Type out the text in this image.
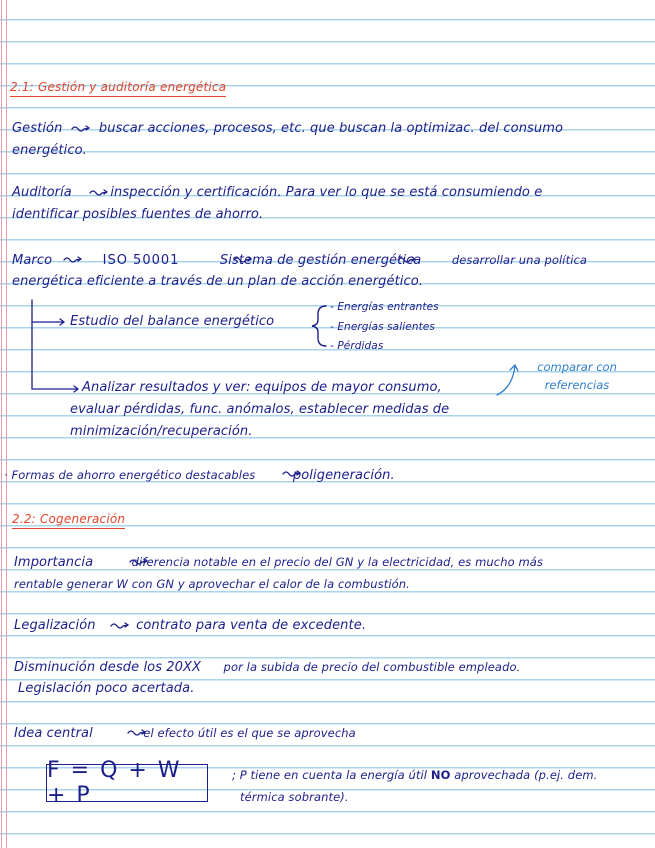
2.1: Gestión y auditoría energética
Gestión	buscar acciones, procesos, etc. que buscan la optimizac. del consumo
energético.
Auditoría	inspección y certificación. Para ver lo que se está consumiendo e
identificar posibles fuentes de ahorro.
Marco	ISO 50001	Sistema de gestión energética	desarrollar una política
energética eficiente a través de un plan de acción energético.
Estudio del balance energético
- Energías entrantes
- Energías salientes
- Pérdidas
Analizar resultados y ver: equipos de mayor consumo,
evaluar pérdidas, func. anómalos, establecer medidas de
minimización/recuperación.
comparar con
referencias
· Formas de ahorro energético destacables	poligeneración.
2.2: Cogeneración
Importancia	diferencia notable en el precio del GN y la electricidad, es mucho más
rentable generar W con GN y aprovechar el calor de la combustión.
Legalización	contrato para venta de excedente.
Disminución desde los 20XX por la subida de precio del combustible empleado.
Legislación poco acertada.
Idea central	el efecto útil es el que se aprovecha
F = Q + W + P
; P tiene en cuenta la energía útil NO aprovechada (p.ej. dem.
térmica sobrante).
